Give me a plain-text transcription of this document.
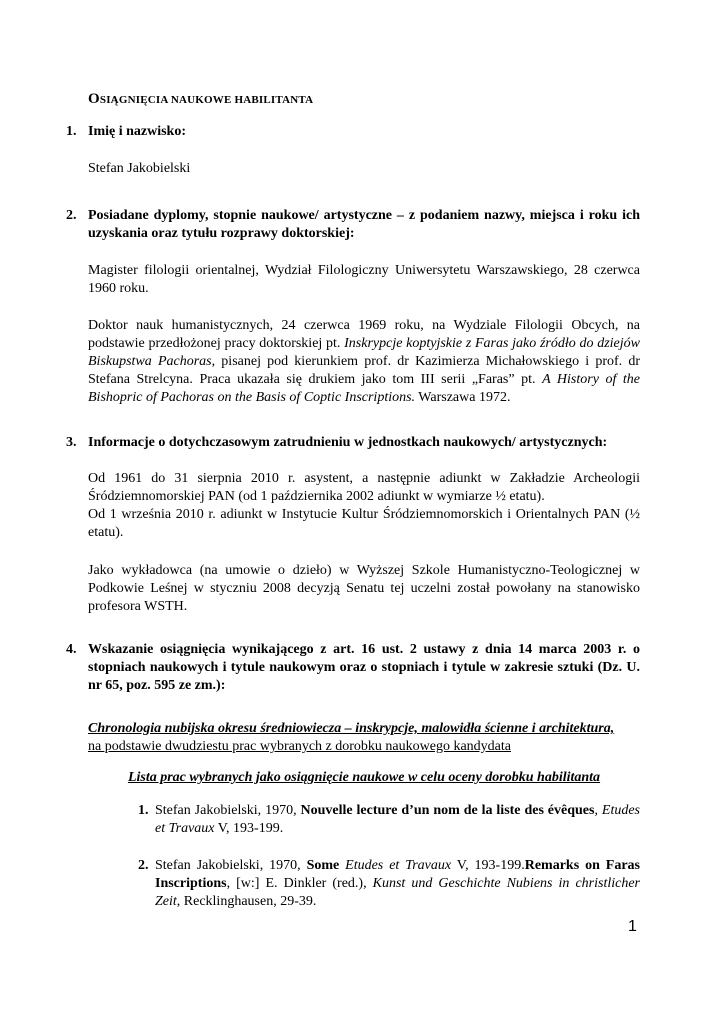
OSIĄGNIĘCIA NAUKOWE HABILITANTA
1. Imię i nazwisko:
Stefan Jakobielski
2. Posiadane dyplomy, stopnie naukowe/ artystyczne – z podaniem nazwy, miejsca i roku ich uzyskania oraz tytułu rozprawy doktorskiej:
Magister filologii orientalnej, Wydział Filologiczny Uniwersytetu Warszawskiego, 28 czerwca 1960 roku.
Doktor nauk humanistycznych, 24 czerwca 1969 roku, na Wydziale Filologii Obcych, na podstawie przedłożonej pracy doktorskiej pt. Inskrypcje koptyjskie z Faras jako źródło do dziejów Biskupstwa Pachoras, pisanej pod kierunkiem prof. dr Kazimierza Michałowskiego i prof. dr Stefana Strelcyna. Praca ukazała się drukiem jako tom III serii „Faras” pt. A History of the Bishopric of Pachoras on the Basis of Coptic Inscriptions. Warszawa 1972.
3. Informacje o dotychczasowym zatrudnieniu w jednostkach naukowych/ artystycznych:
Od 1961 do 31 sierpnia 2010 r. asystent, a następnie adiunkt w Zakładzie Archeologii Śródziemnomorskiej PAN (od 1 października 2002 adiunkt w wymiarze ½ etatu).
Od 1 września 2010 r. adiunkt w Instytucie Kultur Śródziemnomorskich i Orientalnych PAN (½ etatu).
Jako wykładowca (na umowie o dzieło) w Wyższej Szkole Humanistyczno-Teologicznej w Podkowie Leśnej w styczniu 2008 decyzją Senatu tej uczelni został powołany na stanowisko profesora WSTH.
4. Wskazanie osiągnięcia wynikającego z art. 16 ust. 2 ustawy z dnia 14 marca 2003 r. o stopniach naukowych i tytule naukowym oraz o stopniach i tytule w zakresie sztuki (Dz. U. nr 65, poz. 595 ze zm.):
Chronologia nubijska okresu średniowiecza – inskrypcje, malowidła ścienne i architektura,
na podstawie dwudziestu prac wybranych z dorobku naukowego kandydata
Lista prac wybranych jako osiągnięcie naukowe w celu oceny dorobku habilitanta
1. Stefan Jakobielski, 1970, Nouvelle lecture d’un nom de la liste des évêques, Etudes et Travaux V, 193-199.
2. Stefan Jakobielski, 1970, Some Etudes et Travaux V, 193-199.Remarks on Faras Inscriptions, [w:] E. Dinkler (red.), Kunst und Geschichte Nubiens in christlicher Zeit, Recklinghausen, 29-39.
1
